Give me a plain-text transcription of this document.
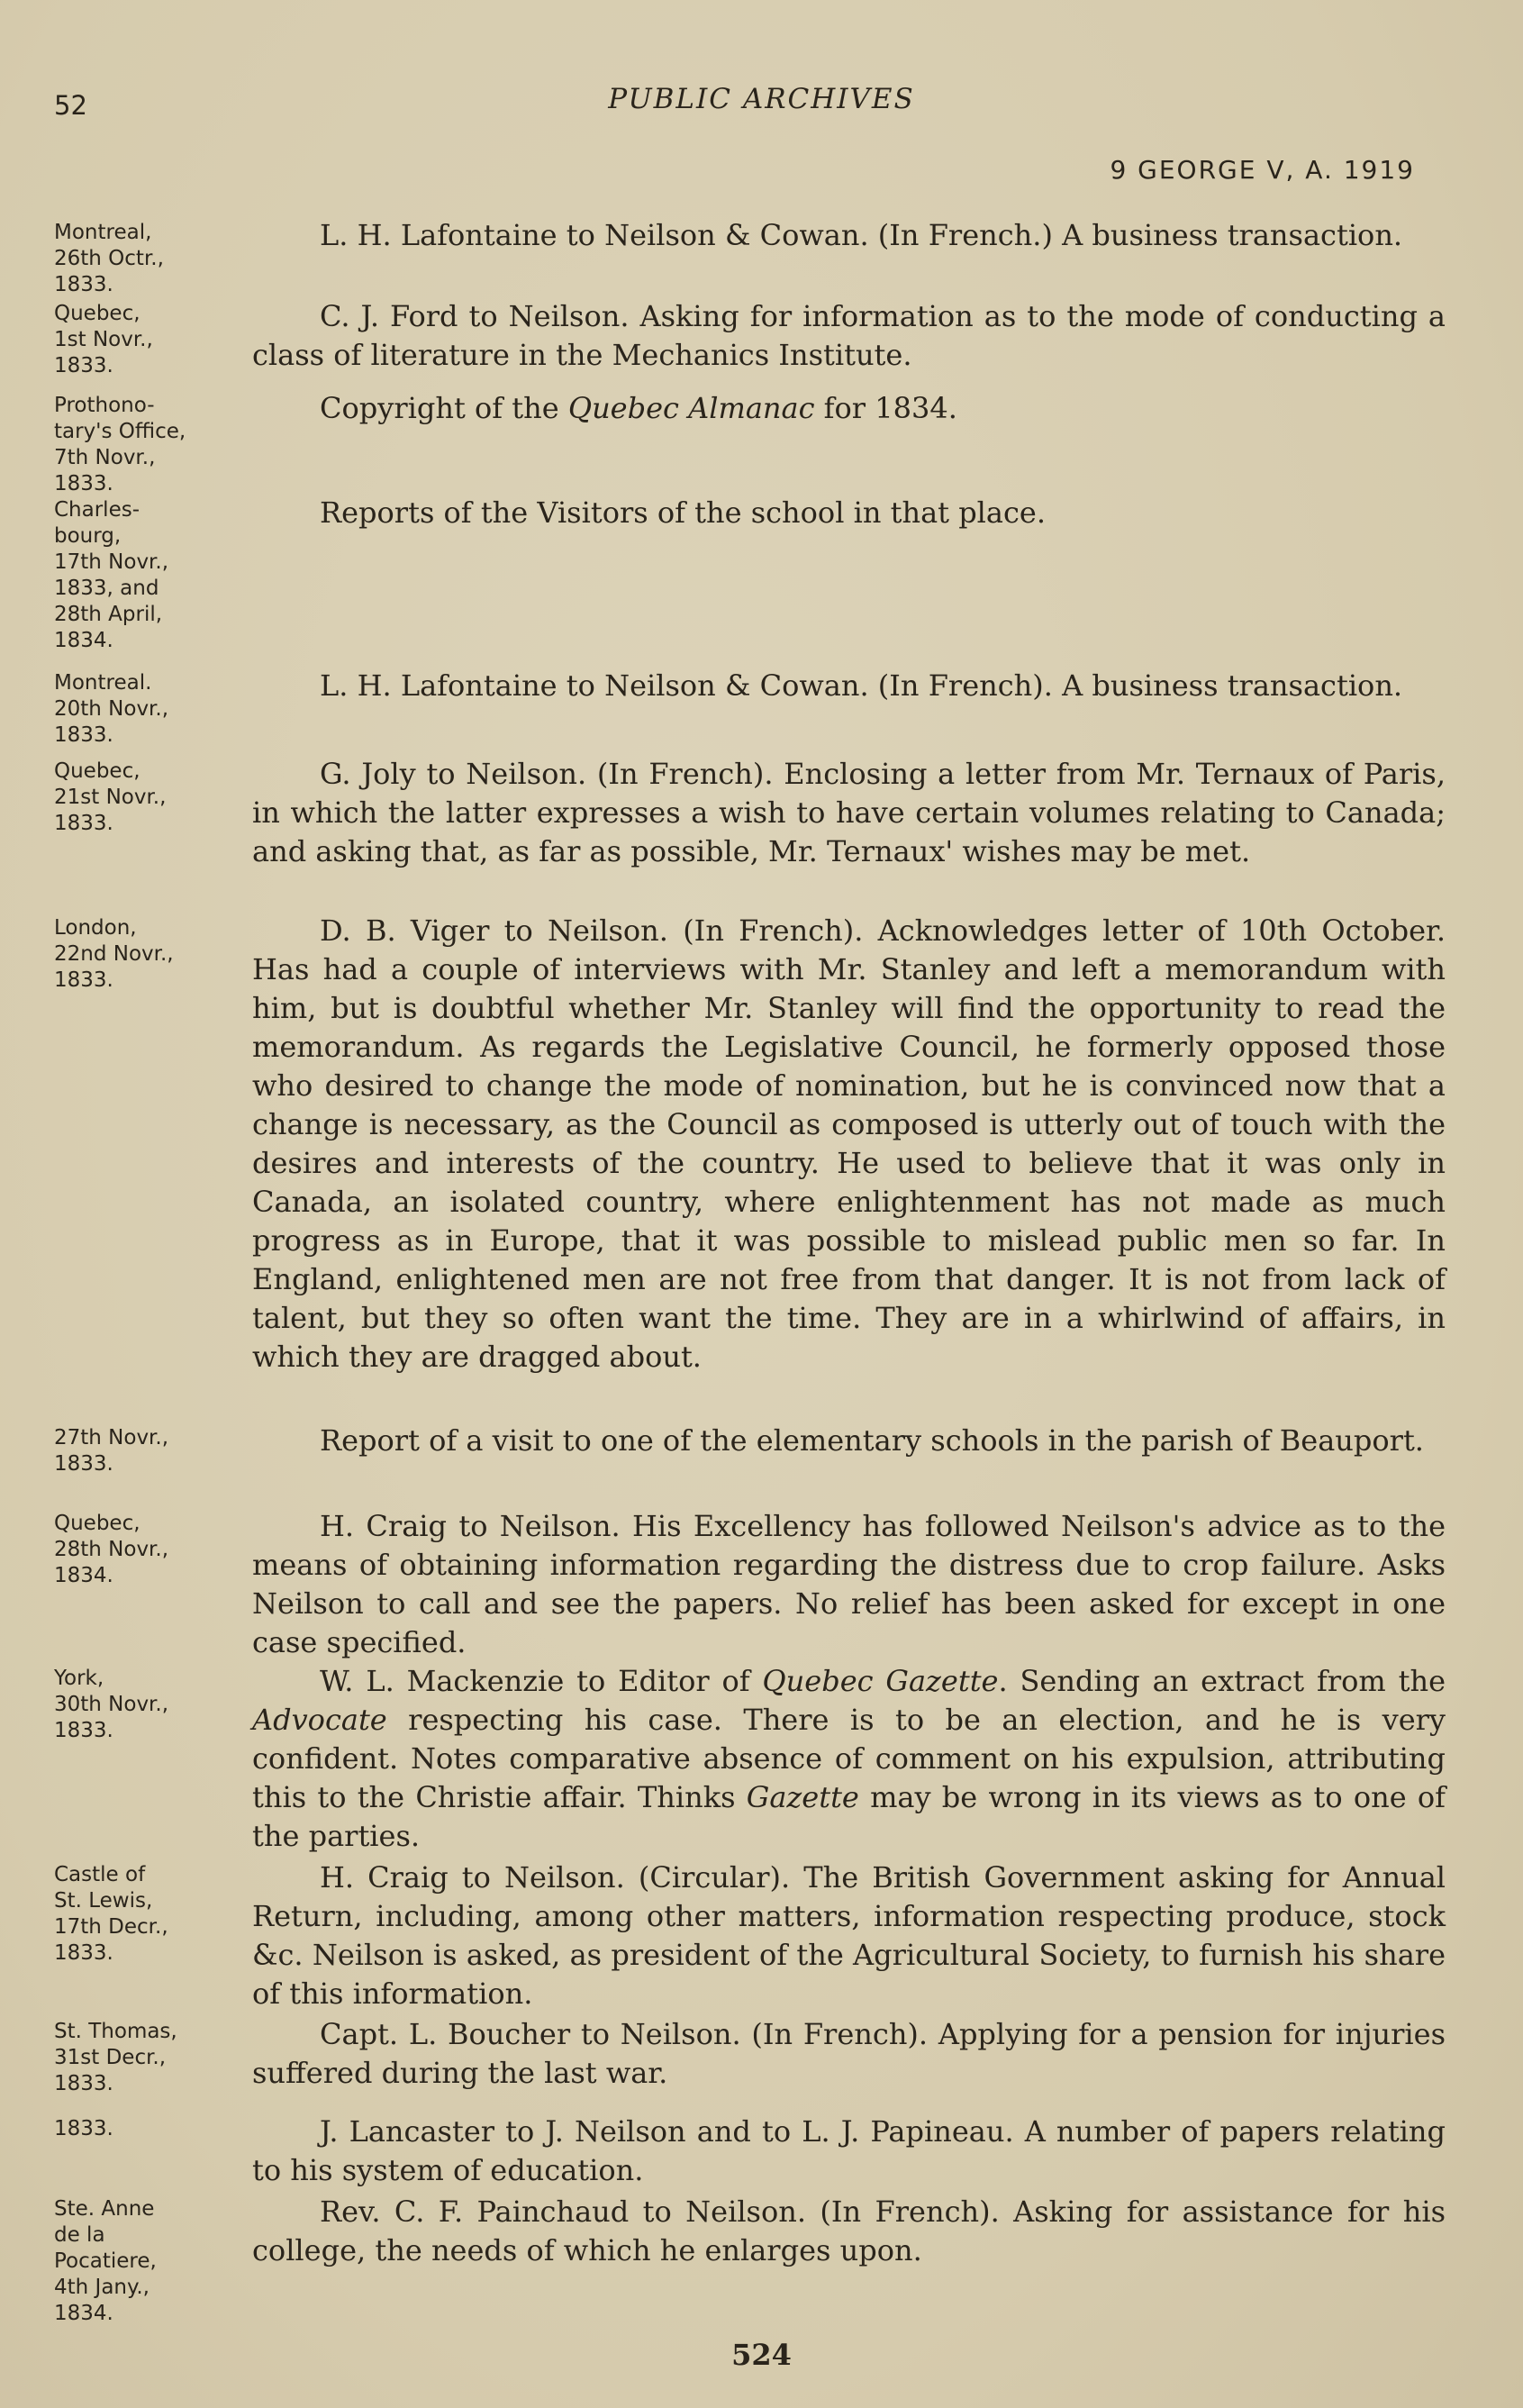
52	PUBLIC ARCHIVES
9 GEORGE V, A. 1919
Montreal,
26th Octr.,
1833.
L. H. Lafontaine to Neilson & Cowan. (In French.) A business transaction.
Quebec,
1st Novr.,
1833.
C. J. Ford to Neilson. Asking for information as to the mode of conducting a class of literature in the Mechanics Institute.
Prothono-
tary's Office,
7th Novr.,
1833.
Copyright of the Quebec Almanac for 1834.
Charles-
bourg,
17th Novr.,
1833, and
28th April,
1834.
Reports of the Visitors of the school in that place.
Montreal.
20th Novr.,
1833.
L. H. Lafontaine to Neilson & Cowan. (In French). A business transaction.
Quebec,
21st Novr.,
1833.
G. Joly to Neilson. (In French). Enclosing a letter from Mr. Ternaux of Paris, in which the latter expresses a wish to have certain volumes relating to Canada; and asking that, as far as possible, Mr. Ternaux' wishes may be met.
London,
22nd Novr.,
1833.
D. B. Viger to Neilson. (In French). Acknowledges letter of 10th October. Has had a couple of interviews with Mr. Stanley and left a memorandum with him, but is doubtful whether Mr. Stanley will find the opportunity to read the memorandum. As regards the Legislative Council, he formerly opposed those who desired to change the mode of nomination, but he is convinced now that a change is necessary, as the Council as composed is utterly out of touch with the desires and interests of the country. He used to believe that it was only in Canada, an isolated country, where enlightenment has not made as much progress as in Europe, that it was possible to mislead public men so far. In England, enlightened men are not free from that danger. It is not from lack of talent, but they so often want the time. They are in a whirlwind of affairs, in which they are dragged about.
27th Novr.,
1833.
Report of a visit to one of the elementary schools in the parish of Beauport.
Quebec,
28th Novr.,
1834.
H. Craig to Neilson. His Excellency has followed Neilson's advice as to the means of obtaining information regarding the distress due to crop failure. Asks Neilson to call and see the papers. No relief has been asked for except in one case specified.
York,
30th Novr.,
1833.
W. L. Mackenzie to Editor of Quebec Gazette. Sending an extract from the Advocate respecting his case. There is to be an election, and he is very confident. Notes comparative absence of comment on his expulsion, attributing this to the Christie affair. Thinks Gazette may be wrong in its views as to one of the parties.
Castle of
St. Lewis,
17th Decr.,
1833.
H. Craig to Neilson. (Circular). The British Government asking for Annual Return, including, among other matters, information respecting produce, stock &c. Neilson is asked, as president of the Agricultural Society, to furnish his share of this information.
St. Thomas,
31st Decr.,
1833.
Capt. L. Boucher to Neilson. (In French). Applying for a pension for injuries suffered during the last war.
1833.	J. Lancaster to J. Neilson and to L. J. Papineau. A number of papers relating to his system of education.
Ste. Anne
de la
Pocatiere,
4th Jany.,
1834.
Rev. C. F. Painchaud to Neilson. (In French). Asking for assistance for his college, the needs of which he enlarges upon.
524
